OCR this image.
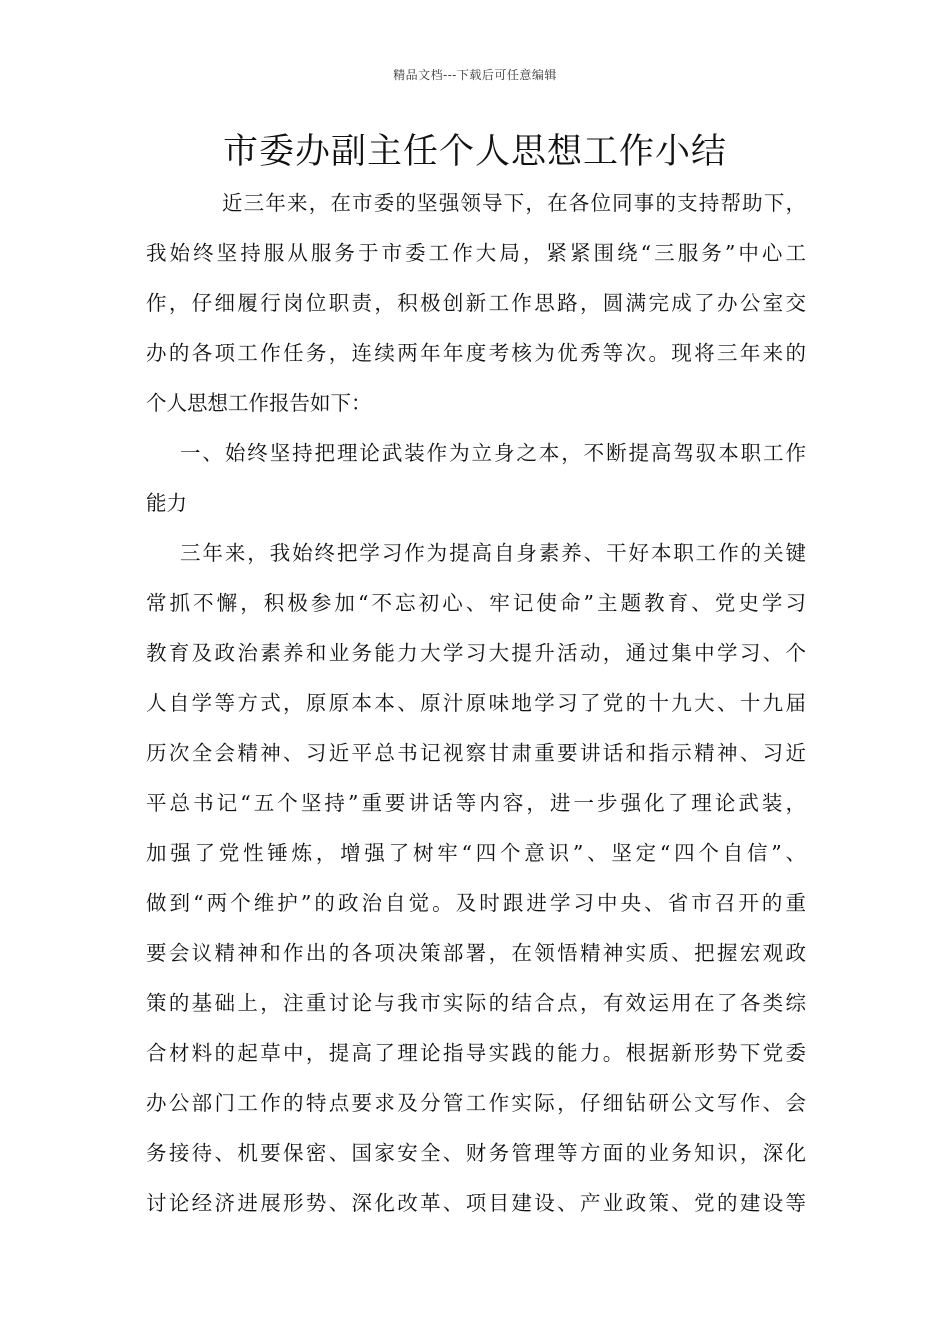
精品文档---下载后可任意编辑
市委办副主任个人思想工作小结
近三年来，在市委的坚强领导下，在各位同事的支持帮助下，
我始终坚持服从服务于市委工作大局，紧紧围绕“三服务”中心工
作，仔细履行岗位职责，积极创新工作思路，圆满完成了办公室交
办的各项工作任务，连续两年年度考核为优秀等次。现将三年来的
个人思想工作报告如下：
一、始终坚持把理论武装作为立身之本，不断提高驾驭本职工作
能力
三年来，我始终把学习作为提高自身素养、干好本职工作的关键
常抓不懈，积极参加“不忘初心、牢记使命”主题教育、党史学习
教育及政治素养和业务能力大学习大提升活动，通过集中学习、个
人自学等方式，原原本本、原汁原味地学习了党的十九大、十九届
历次全会精神、习近平总书记视察甘肃重要讲话和指示精神、习近
平总书记“五个坚持”重要讲话等内容，进一步强化了理论武装，
加强了党性锤炼，增强了树牢“四个意识”、坚定“四个自信”、
做到“两个维护”的政治自觉。及时跟进学习中央、省市召开的重
要会议精神和作出的各项决策部署，在领悟精神实质、把握宏观政
策的基础上，注重讨论与我市实际的结合点，有效运用在了各类综
合材料的起草中，提高了理论指导实践的能力。根据新形势下党委
办公部门工作的特点要求及分管工作实际，仔细钻研公文写作、会
务接待、机要保密、国家安全、财务管理等方面的业务知识，深化
讨论经济进展形势、深化改革、项目建设、产业政策、党的建设等
